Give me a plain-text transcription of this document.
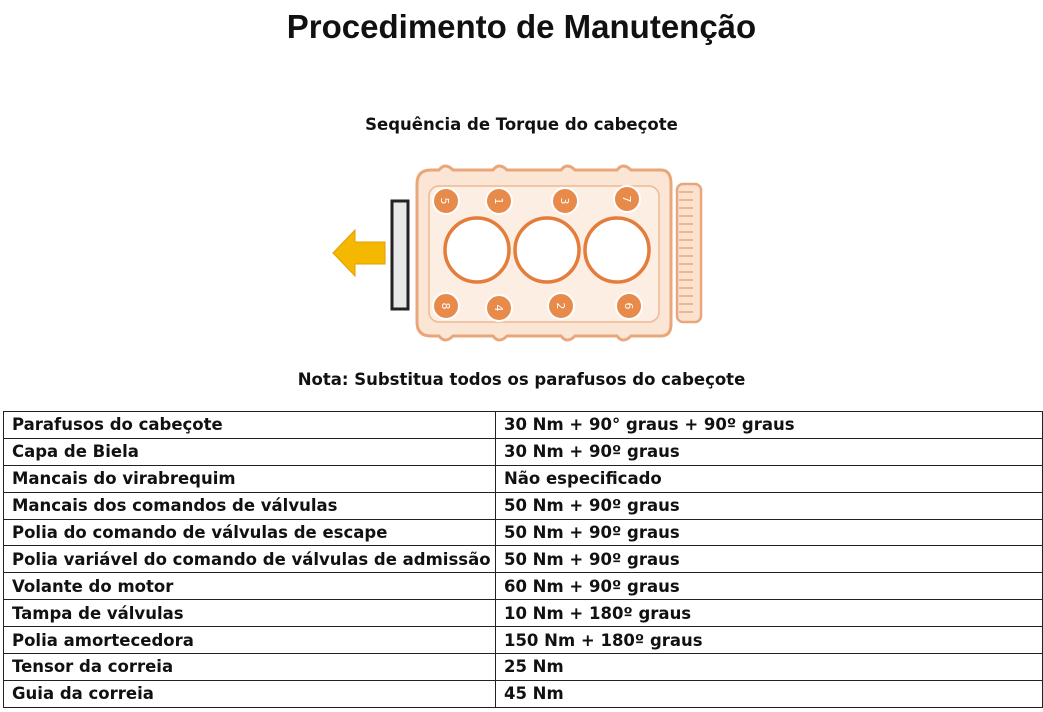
Procedimento de Manutenção
Sequência de Torque do cabeçote
5	1	3	7
8	4	2	6
Nota: Substitua todos os parafusos do cabeçote
Parafusos do cabeçote	30 Nm + 90° graus + 90º graus
Capa de Biela	30 Nm + 90º graus
Mancais do virabrequim	Não especificado
Mancais dos comandos de válvulas	50 Nm + 90º graus
Polia do comando de válvulas de escape	50 Nm + 90º graus
Polia variável do comando de válvulas de admissão	50 Nm + 90º graus
Volante do motor	60 Nm + 90º graus
Tampa de válvulas	10 Nm + 180º graus
Polia amortecedora	150 Nm + 180º graus
Tensor da correia	25 Nm
Guia da correia	45 Nm
